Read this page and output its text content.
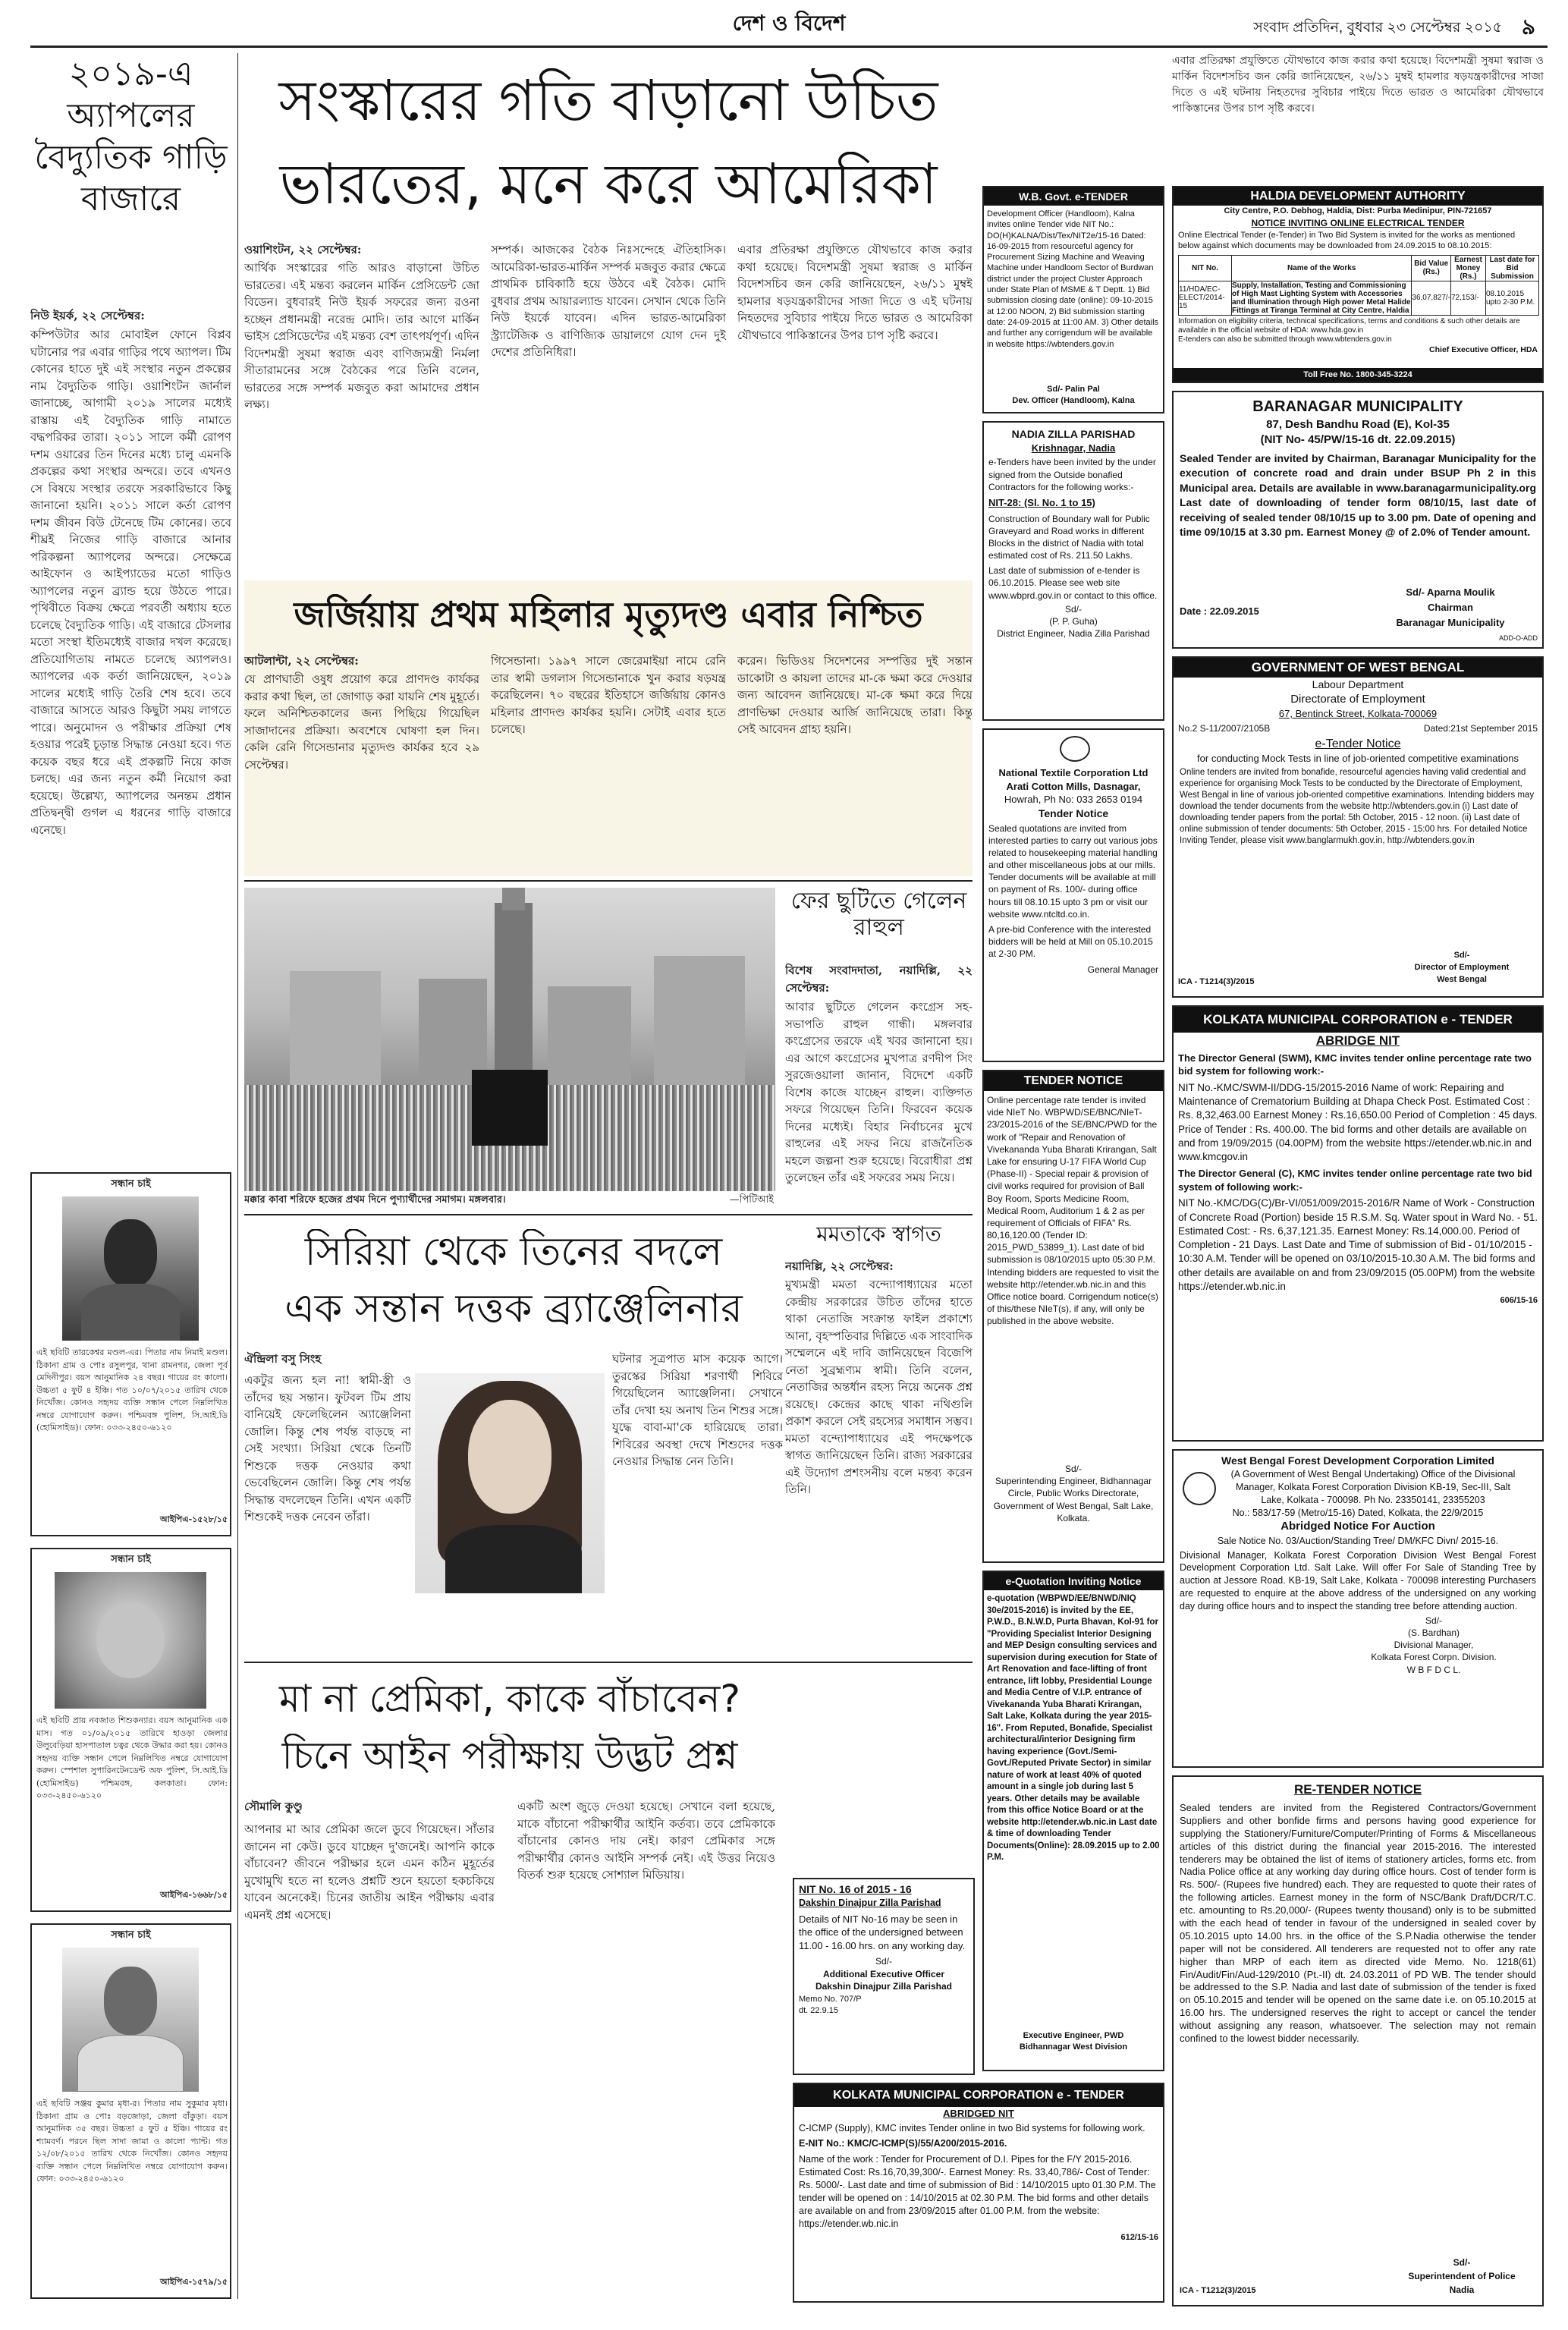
দেশ ও বিদেশ	সংবাদ প্রতিদিন, বুধবার ২৩ সেপ্টেম্বর ২০১৫ ৯
২০১৯-এ অ্যাপলের বৈদ্যুতিক গাড়ি বাজারে
নিউ ইয়র্ক, ২২ সেপ্টেম্বর:
কম্পিউটার আর মোবাইল ফোনে বিপ্লব ঘটানোর পর এবার গাড়ির পথে অ্যাপল। টিম কোনের হাতে দুই এই সংস্থার নতুন প্রকল্পের নাম বৈদ্যুতিক গাড়ি। ওয়াশিংটন জার্নাল জানাচ্ছে, আগামী ২০১৯ সালের মধ্যেই রাস্তায় এই বৈদ্যুতিক গাড়ি নামাতে বদ্ধপরিকর তারা। ২০১১ সালে কর্মী রোপণ দশম ওয়ারের তিন দিনের মধ্যে চালু এমনকি প্রকল্পের কথা সংস্থার অন্দরে। তবে এখনও সে বিষয়ে সংস্থার তরফে সরকারিভাবে কিছু জানানো হয়নি। ২০১১ সালে কর্তা রোপণ দশম জীবন বিউ টেনেছে টিম কোনের। তবে শীঘ্রই নিজের গাড়ি বাজারে আনার পরিকল্পনা অ্যাপলের অন্দরে। সেক্ষেত্রে আইফোন ও আইপ্যাডের মতো গাড়িও অ্যাপলের নতুন ব্র্যান্ড হয়ে উঠতে পারে। পৃথিবীতে বিক্রয় ক্ষেত্রে পরবর্তী অধ্যায় হতে চলেছে বৈদ্যুতিক গাড়ি। এই বাজারে টেসলার মতো সংস্থা ইতিমধ্যেই বাজার দখল করেছে। প্রতিযোগিতায় নামতে চলেছে অ্যাপলও। অ্যাপলের এক কর্তা জানিয়েছেন, ২০১৯ সালের মধ্যেই গাড়ি তৈরি শেষ হবে। তবে বাজারে আসতে আরও কিছুটা সময় লাগতে পারে। অনুমোদন ও পরীক্ষার প্রক্রিয়া শেষ হওয়ার পরেই চূড়ান্ত সিদ্ধান্ত নেওয়া হবে। গত কয়েক বছর ধরে এই প্রকল্পটি নিয়ে কাজ চলছে। এর জন্য নতুন কর্মী নিয়োগ করা হয়েছে। উল্লেখ্য, অ্যাপলের অনন্তম প্রধান প্রতিদ্বন্দ্বী গুগল এ ধরনের গাড়ি বাজারে এনেছে।
সন্ধান চাই
এই ছবিটি তারকেশ্বর মণ্ডল-এর। পিতার নাম নিমাই মণ্ডল। ঠিকানা গ্রাম ও পোঃ রসুলপুর, থানা রামনগর, জেলা পূর্ব মেদিনীপুর। বয়স আনুমানিক ২৪ বছর। গায়ের রং কালো। উচ্চতা ৫ ফুট ৪ ইঞ্চি। গত ১০/০৭/২০১৫ তারিখ থেকে নিখোঁজ। কোনও সহৃদয় ব্যক্তি সন্ধান পেলে নিম্নলিখিত নম্বরে যোগাযোগ করুন। পশ্চিমবঙ্গ পুলিশ, সি.আই.ডি (হোমিসাইড)। ফোন: ০৩৩-২৪৫০-৬১২০
আইপিএ-১৫২৮/১৫
সন্ধান চাই
এই ছবিটি প্রায় নবজাত শিশুকন্যার। বয়স আনুমানিক এক মাস। গত ০১/০৯/২০১৫ তারিখে হাওড়া জেলার উলুবেড়িয়া হাসপাতাল চত্বর থেকে উদ্ধার করা হয়। কোনও সহৃদয় ব্যক্তি সন্ধান পেলে নিম্নলিখিত নম্বরে যোগাযোগ করুন। স্পেশাল সুপারিনটেনডেন্ট অফ পুলিশ, সি.আই.ডি (হোমিসাইড) পশ্চিমবঙ্গ, কলকাতা। ফোন: ০৩৩-২৪৫০-৬১২০
আইপিএ-১৬৬৮/১৫
সন্ধান চাই
এই ছবিটি সঞ্জয় কুমার মৃধা-র। পিতার নাম সুকুমার মৃধা। ঠিকানা গ্রাম ও পোঃ বড়জোড়া, জেলা বাঁকুড়া। বয়স আনুমানিক ৩৫ বছর। উচ্চতা ৫ ফুট ৫ ইঞ্চি। গায়ের রং শ্যামবর্ণ। পরনে ছিল সাদা জামা ও কালো প্যান্ট। গত ১২/০৮/২০১৫ তারিখ থেকে নিখোঁজ। কোনও সহৃদয় ব্যক্তি সন্ধান পেলে নিম্নলিখিত নম্বরে যোগাযোগ করুন। ফোন: ০৩৩-২৪৫০-৬১২০
আইপিএ-১৫৭৯/১৫
সংস্কারের গতি বাড়ানো উচিত
ভারতের, মনে করে আমেরিকা
ওয়াশিংটন, ২২ সেপ্টেম্বর:
আর্থিক সংস্কারের গতি আরও বাড়ানো উচিত ভারতের। এই মন্তব্য করলেন মার্কিন প্রেসিডেন্ট জো বিডেন। বুধবারই নিউ ইয়র্ক সফরের জন্য রওনা হচ্ছেন প্রধানমন্ত্রী নরেন্দ্র মোদি। তার আগে মার্কিন ভাইস প্রেসিডেন্টের এই মন্তব্য বেশ তাৎপর্যপূর্ণ। এদিন বিদেশমন্ত্রী সুষমা স্বরাজ এবং বাণিজ্যমন্ত্রী নির্মলা সীতারামনের সঙ্গে বৈঠকের পরে তিনি বলেন, ভারতের সঙ্গে সম্পর্ক মজবুত করা আমাদের প্রধান লক্ষ্য।
সম্পর্ক। আজকের বৈঠক নিঃসন্দেহে ঐতিহাসিক। আমেরিকা-ভারত-মার্কিন সম্পর্ক মজবুত করার ক্ষেত্রে প্রাথমিক চাবিকাঠি হয়ে উঠবে এই বৈঠক। মোদি বুধবার প্রথম আয়ারল্যান্ড যাবেন। সেখান থেকে তিনি নিউ ইয়র্কে যাবেন। এদিন ভারত-আমেরিকা স্ট্র্যাটেজিক ও বাণিজ্যিক ডায়ালগে যোগ দেন দুই দেশের প্রতিনিধিরা।
এবার প্রতিরক্ষা প্রযুক্তিতে যৌথভাবে কাজ করার কথা হয়েছে। বিদেশমন্ত্রী সুষমা স্বরাজ ও মার্কিন বিদেশসচিব জন কেরি জানিয়েছেন, ২৬/১১ মুম্বই হামলার ষড়যন্ত্রকারীদের সাজা দিতে ও এই ঘটনায় নিহতদের সুবিচার পাইয়ে দিতে ভারত ও আমেরিকা যৌথভাবে পাকিস্তানের উপর চাপ সৃষ্টি করবে।
জর্জিয়ায় প্রথম মহিলার মৃত্যুদণ্ড এবার নিশ্চিত
আটলান্টা, ২২ সেপ্টেম্বর:
যে প্রাণঘাতী ওষুধ প্রয়োগ করে প্রাণদণ্ড কার্যকর করার কথা ছিল, তা জোগাড় করা যায়নি শেষ মুহূর্তে। ফলে অনিশ্চিতকালের জন্য পিছিয়ে গিয়েছিল সাজাদানের প্রক্রিয়া। অবশেষে ঘোষণা হল দিন। কেলি রেনি গিসেন্ডানার মৃত্যুদণ্ড কার্যকর হবে ২৯ সেপ্টেম্বর।
গিসেন্ডানা। ১৯৯৭ সালে জেরেমাইয়া নামে রেনি তার স্বামী ডগলাস গিসেন্ডানাকে খুন করার ষড়যন্ত্র করেছিলেন। ৭০ বছরের ইতিহাসে জর্জিয়ায় কোনও মহিলার প্রাণদণ্ড কার্যকর হয়নি। সেটাই এবার হতে চলেছে।
করেন। ভিডিওয় সিদেশনের সম্পত্তির দুই সন্তান ডাকোটা ও কায়লা তাদের মা-কে ক্ষমা করে দেওয়ার জন্য আবেদন জানিয়েছে। মা-কে ক্ষমা করে দিয়ে প্রাণভিক্ষা দেওয়ার আর্জি জানিয়েছে তারা। কিন্তু সেই আবেদন গ্রাহ্য হয়নি।
মক্কার কাবা শরিফে হজের প্রথম দিনে পুণ্যার্থীদের সমাগম। মঙ্গলবার।	—পিটিআই
ফের ছুটিতে গেলেন রাহুল
বিশেষ সংবাদদাতা, নয়াদিল্লি, ২২ সেপ্টেম্বর:
আবার ছুটিতে গেলেন কংগ্রেস সহ-সভাপতি রাহুল গান্ধী। মঙ্গলবার কংগ্রেসের তরফে এই খবর জানানো হয়। এর আগে কংগ্রেসের মুখপাত্র রণদীপ সিং সুরজেওয়ালা জানান, বিদেশে একটি বিশেষ কাজে যাচ্ছেন রাহুল। ব্যক্তিগত সফরে গিয়েছেন তিনি। ফিরবেন কয়েক দিনের মধ্যেই। বিহার নির্বাচনের মুখে রাহুলের এই সফর নিয়ে রাজনৈতিক মহলে জল্পনা শুরু হয়েছে। বিরোধীরা প্রশ্ন তুলেছেন তাঁর এই সফরের সময় নিয়ে।
সিরিয়া থেকে তিনের বদলে
এক সন্তান দত্তক ব্র্যাঞ্জেলিনার
ঐন্দ্রিলা বসু সিংহ
একটুর জন্য হল না! স্বামী-স্ত্রী ও তাঁদের ছয় সন্তান। ফুটবল টিম প্রায় বানিয়েই ফেলেছিলেন অ্যাঞ্জেলিনা জোলি। কিন্তু শেষ পর্যন্ত বাড়ছে না সেই সংখ্যা। সিরিয়া থেকে তিনটি শিশুকে দত্তক নেওয়ার কথা ভেবেছিলেন জোলি। কিন্তু শেষ পর্যন্ত সিদ্ধান্ত বদলেছেন তিনি। এখন একটি শিশুকেই দত্তক নেবেন তাঁরা।
ঘটনার সূত্রপাত মাস কয়েক আগে। তুরস্কের সিরিয়া শরণার্থী শিবিরে গিয়েছিলেন অ্যাঞ্জেলিনা। সেখানে তাঁর দেখা হয় অনাথ তিন শিশুর সঙ্গে। যুদ্ধে বাবা-মা'কে হারিয়েছে তারা। শিবিরের অবস্থা দেখে শিশুদের দত্তক নেওয়ার সিদ্ধান্ত নেন তিনি।
মমতাকে স্বাগত
নয়াদিল্লি, ২২ সেপ্টেম্বর:
মুখ্যমন্ত্রী মমতা বন্দ্যোপাধ্যায়ের মতো কেন্দ্রীয় সরকারের উচিত তাঁদের হাতে থাকা নেতাজি সংক্রান্ত ফাইল প্রকাশ্যে আনা, বৃহস্পতিবার দিল্লিতে এক সাংবাদিক সম্মেলনে এই দাবি জানিয়েছেন বিজেপি নেতা সুব্রহ্মণ্যম স্বামী। তিনি বলেন, নেতাজির অন্তর্ধান রহস্য নিয়ে অনেক প্রশ্ন রয়েছে। কেন্দ্রের কাছে থাকা নথিগুলি প্রকাশ করলে সেই রহস্যের সমাধান সম্ভব। মমতা বন্দ্যোপাধ্যায়ের এই পদক্ষেপকে স্বাগত জানিয়েছেন তিনি। রাজ্য সরকারের এই উদ্যোগ প্রশংসনীয় বলে মন্তব্য করেন তিনি।
মা না প্রেমিকা, কাকে বাঁচাবেন?
চিনে আইন পরীক্ষায় উদ্ভট প্রশ্ন
সৌমালি কুণ্ডু
আপনার মা আর প্রেমিকা জলে ডুবে গিয়েছেন। সাঁতার জানেন না কেউ। ডুবে যাচ্ছেন দু'জনেই। আপনি কাকে বাঁচাবেন? জীবনে পরীক্ষার হলে এমন কঠিন মুহূর্তের মুখোমুখি হতে না হলেও প্রশ্নটি শুনে হয়তো হকচকিয়ে যাবেন অনেকেই। চিনের জাতীয় আইন পরীক্ষায় এবার এমনই প্রশ্ন এসেছে।
একটি অংশ জুড়ে দেওয়া হয়েছে। সেখানে বলা হয়েছে, মাকে বাঁচানো পরীক্ষার্থীর আইনি কর্তব্য। তবে প্রেমিকাকে বাঁচানোর কোনও দায় নেই। কারণ প্রেমিকার সঙ্গে পরীক্ষার্থীর কোনও আইনি সম্পর্ক নেই। এই উত্তর নিয়েও বিতর্ক শুরু হয়েছে সোশ্যাল মিডিয়ায়।
W.B. Govt. e-TENDER
Development Officer (Handloom), Kalna invites online Tender vide NIT No.: DO(H)KALNA/Dist/Tex/NIT2e/15-16 Dated: 16-09-2015 from resourceful agency for Procurement Sizing Machine and Weaving Machine under Handloom Sector of Burdwan district under the project Cluster Approach under State Plan of MSME & T Deptt. 1) Bid submission closing date (online): 09-10-2015 at 12:00 NOON, 2) Bid submission starting date: 24-09-2015 at 11:00 AM. 3) Other details and further any corrigendum will be available in website https://wbtenders.gov.in
Sd/- Palin Pal
Dev. Officer (Handloom), Kalna
NADIA ZILLA PARISHAD
Krishnagar, Nadia
e-Tenders have been invited by the under signed from the Outside bonafied Contractors for the following works:-
NIT-28: (Sl. No. 1 to 15)
Construction of Boundary wall for Public Graveyard and Road works in different Blocks in the district of Nadia with total estimated cost of Rs. 211.50 Lakhs.
Last date of submission of e-tender is 06.10.2015. Please see web site www.wbprd.gov.in or contact to this office.
Sd/-
(P. P. Guha)
District Engineer, Nadia Zilla Parishad
National Textile Corporation Ltd Arati Cotton Mills, Dasnagar,
Howrah, Ph No: 033 2653 0194
Tender Notice
Sealed quotations are invited from interested parties to carry out various jobs related to housekeeping material handling and other miscellaneous jobs at our mills. Tender documents will be available at mill on payment of Rs. 100/- during office hours till 08.10.15 upto 3 pm or visit our website www.ntcltd.co.in.
A pre-bid Conference with the interested bidders will be held at Mill on 05.10.2015 at 2-30 PM.
General Manager
TENDER NOTICE
Online percentage rate tender is invited vide NIeT No. WBPWD/SE/BNC/NIeT-23/2015-2016 of the SE/BNC/PWD for the work of "Repair and Renovation of Vivekananda Yuba Bharati Krirangan, Salt Lake for ensuring U-17 FIFA World Cup (Phase-II) - Special repair & provision of civil works required for provision of Ball Boy Room, Sports Medicine Room, Medical Room, Auditorium 1 & 2 as per requirement of Officials of FIFA" Rs. 80,16,120.00 (Tender ID: 2015_PWD_53899_1). Last date of bid submission is 08/10/2015 upto 05:30 P.M. Intending bidders are requested to visit the website http://etender.wb.nic.in and this Office notice board. Corrigendum notice(s) of this/these NIeT(s), if any, will only be published in the above website.
Sd/-
Superintending Engineer, Bidhannagar Circle, Public Works Directorate, Government of West Bengal, Salt Lake, Kolkata.
e-Quotation Inviting Notice
e-quotation (WBPWD/EE/BNWD/NIQ 30e/2015-2016) is invited by the EE, P.W.D., B.N.W.D, Purta Bhavan, Kol-91 for "Providing Specialist Interior Designing and MEP Design consulting services and supervision during execution for State of Art Renovation and face-lifting of front entrance, lift lobby, Presidential Lounge and Media Centre of V.I.P. entrance of Vivekananda Yuba Bharati Krirangan, Salt Lake, Kolkata during the year 2015-16". From Reputed, Bonafide, Specialist architectural/interior Designing firm having experience (Govt./Semi-Govt./Reputed Private Sector) in similar nature of work at least 40% of quoted amount in a single job during last 5 years. Other details may be available from this office Notice Board or at the website http://etender.wb.nic.in Last date & time of downloading Tender Documents(Online): 28.09.2015 up to 2.00 P.M.
Executive Engineer, PWD
Bidhannagar West Division
NIT No. 16 of 2015 - 16
Dakshin Dinajpur Zilla Parishad
Details of NIT No-16 may be seen in the office of the undersigned between 11.00 - 16.00 hrs. on any working day.
Sd/-
Additional Executive Officer
Dakshin Dinajpur Zilla Parishad
Memo No. 707/P
dt. 22.9.15
KOLKATA MUNICIPAL CORPORATION e - TENDER
ABRIDGED NIT
C-ICMP (Supply), KMC invites Tender online in two Bid systems for following work.
E-NIT No.: KMC/C-ICMP(S)/55/A200/2015-2016.
Name of the work : Tender for Procurement of D.I. Pipes for the F/Y 2015-2016. Estimated Cost: Rs.16,70,39,300/-. Earnest Money: Rs. 33,40,786/- Cost of Tender: Rs. 5000/-. Last date and time of submission of Bid : 14/10/2015 upto 01.30 P.M. The tender will be opened on : 14/10/2015 at 02.30 P.M. The bid forms and other details are available on and from 23/09/2015 after 01.00 P.M. from the website: https://etender.wb.nic.in
612/15-16
এবার প্রতিরক্ষা প্রযুক্তিতে যৌথভাবে কাজ করার কথা হয়েছে। বিদেশমন্ত্রী সুষমা স্বরাজ ও মার্কিন বিদেশসচিব জন কেরি জানিয়েছেন, ২৬/১১ মুম্বই হামলার ষড়যন্ত্রকারীদের সাজা দিতে ও এই ঘটনায় নিহতদের সুবিচার পাইয়ে দিতে ভারত ও আমেরিকা যৌথভাবে পাকিস্তানের উপর চাপ সৃষ্টি করবে।
HALDIA DEVELOPMENT AUTHORITY
City Centre, P.O. Debhog, Haldia, Dist: Purba Medinipur, PIN-721657
NOTICE INVITING ONLINE ELECTRICAL TENDER
Online Electrical Tender (e-Tender) in Two Bid System is invited for the works as mentioned below against which documents may be downloaded from 24.09.2015 to 08.10.2015:
NIT No.	Name of the Works	Bid Value (Rs.)	Earnest Money (Rs.)	Last date for Bid Submission
11/HDA/EC-ELECT/2014-15	Supply, Installation, Testing and Commissioning of High Mast Lighting System with Accessories and Illumination through High power Metal Halide Fittings at Tiranga Terminal at City Centre, Haldia	36,07,827/-	72,153/-	08.10.2015 upto 2-30 P.M.
Information on eligibility criteria, technical specifications, terms and conditions & such other details are available in the official website of HDA: www.hda.gov.in
E-tenders can also be submitted through www.wbtenders.gov.in
Chief Executive Officer, HDA
Toll Free No. 1800-345-3224
BARANAGAR MUNICIPALITY
87, Desh Bandhu Road (E), Kol-35
(NIT No- 45/PW/15-16 dt. 22.09.2015)
Sealed Tender are invited by Chairman, Baranagar Municipality for the execution of concrete road and drain under BSUP Ph 2 in this Municipal area. Details are available in www.baranagarmunicipality.org Last date of downloading of tender form 08/10/15, last date of receiving of sealed tender 08/10/15 up to 3.00 pm. Date of opening and time 09/10/15 at 3.30 pm. Earnest Money @ of 2.0% of Tender amount.
Date : 22.09.2015
Sd/- Aparna Moulik
Chairman
Baranagar Municipality
ADD-O-ADD
GOVERNMENT OF WEST BENGAL
Labour Department
Directorate of Employment
67, Bentinck Street, Kolkata-700069
No.2 S-11/2007/2105B	Dated:21st September 2015
e-Tender Notice
for conducting Mock Tests in line of job-oriented competitive examinations
Online tenders are invited from bonafide, resourceful agencies having valid credential and experience for organising Mock Tests to be conducted by the Directorate of Employment, West Bengal in line of various job-oriented competitive examinations. Intending bidders may download the tender documents from the website http://wbtenders.gov.in (i) Last date of downloading tender papers from the portal: 5th October, 2015 - 12 noon. (ii) Last date of online submission of tender documents: 5th October, 2015 - 15:00 hrs. For detailed Notice Inviting Tender, please visit www.banglarmukh.gov.in, http://wbtenders.gov.in
ICA - T1214(3)/2015
Sd/-
Director of Employment
West Bengal
KOLKATA MUNICIPAL CORPORATION e - TENDER
ABRIDGE NIT
The Director General (SWM), KMC invites tender online percentage rate two bid system for following work:-
NIT No.-KMC/SWM-II/DDG-15/2015-2016 Name of work: Repairing and Maintenance of Crematorium Building at Dhapa Check Post. Estimated Cost : Rs. 8,32,463.00 Earnest Money : Rs.16,650.00 Period of Completion : 45 days. Price of Tender : Rs. 400.00. The bid forms and other details are available on and from 19/09/2015 (04.00PM) from the website https://etender.wb.nic.in and www.kmcgov.in
The Director General (C), KMC invites tender online percentage rate two bid system of following work:-
NIT No.-KMC/DG(C)/Br-VI/051/009/2015-2016/R Name of Work - Construction of Concrete Road (Portion) beside 15 R.S.M. Sq. Water spout in Ward No. - 51. Estimated Cost: - Rs. 6,37,121.35. Earnest Money: Rs.14,000.00. Period of Completion - 21 Days. Last Date and Time of submission of Bid - 01/10/2015 - 10:30 A.M. Tender will be opened on 03/10/2015-10.30 A.M. The bid forms and other details are available on and from 23/09/2015 (05.00PM) from the website https://etender.wb.nic.in
606/15-16
West Bengal Forest Development Corporation Limited
(A Government of West Bengal Undertaking) Office of the Divisional Manager, Kolkata Forest Corporation Division KB-19, Sec-III, Salt Lake, Kolkata - 700098. Ph No. 23350141, 23355203
No.: 583/17-59 (Metro/15-16) Dated, Kolkata, the 22/9/2015
Abridged Notice For Auction
Sale Notice No. 03/Auction/Standing Tree/ DM/KFC Divn/ 2015-16.
Divisional Manager, Kolkata Forest Corporation Division West Bengal Forest Development Corporation Ltd. Salt Lake. Will offer For Sale of Standing Tree by auction at Jessore Road. KB-19, Salt Lake, Kolkata - 700098 interesting Purchasers are requested to enquire at the above address of the undersigned on any working day during office hours and to inspect the standing tree before attending auction.
Sd/-
(S. Bardhan)
Divisional Manager,
Kolkata Forest Corpn. Division.
W B F D C L.
RE-TENDER NOTICE
Sealed tenders are invited from the Registered Contractors/Government Suppliers and other bonfide firms and persons having good experience for supplying the Stationery/Furniture/Computer/Printing of Forms & Miscellaneous articles of this district during the financial year 2015-2016. The interested tenderers may be obtained the list of items of stationery articles, forms etc. from Nadia Police office at any working day during office hours. Cost of tender form is Rs. 500/- (Rupees five hundred) each. They are requested to quote their rates of the following articles. Earnest money in the form of NSC/Bank Draft/DCR/T.C. etc. amounting to Rs.20,000/- (Rupees twenty thousand) only is to be submitted with the each head of tender in favour of the undersigned in sealed cover by 05.10.2015 upto 14.00 hrs. in the office of the S.P.Nadia otherwise the tender paper will not be considered. All tenderers are requested not to offer any rate higher than MRP of each item as directed vide Memo. No. 1218(61) Fin/Audit/Fin/Aud-129/2010 (Pt.-II) dt. 24.03.2011 of PD WB. The tender should be addressed to the S.P. Nadia and last date of submission of the tender is fixed on 05.10.2015 and tender will be opened on the same date i.e. on 05.10.2015 at 16.00 hrs. The undersigned reserves the right to accept or cancel the tender without assigning any reason, whatsoever. The selection may not remain confined to the lowest bidder necessarily.
ICA - T1212(3)/2015
Sd/-
Superintendent of Police
Nadia
